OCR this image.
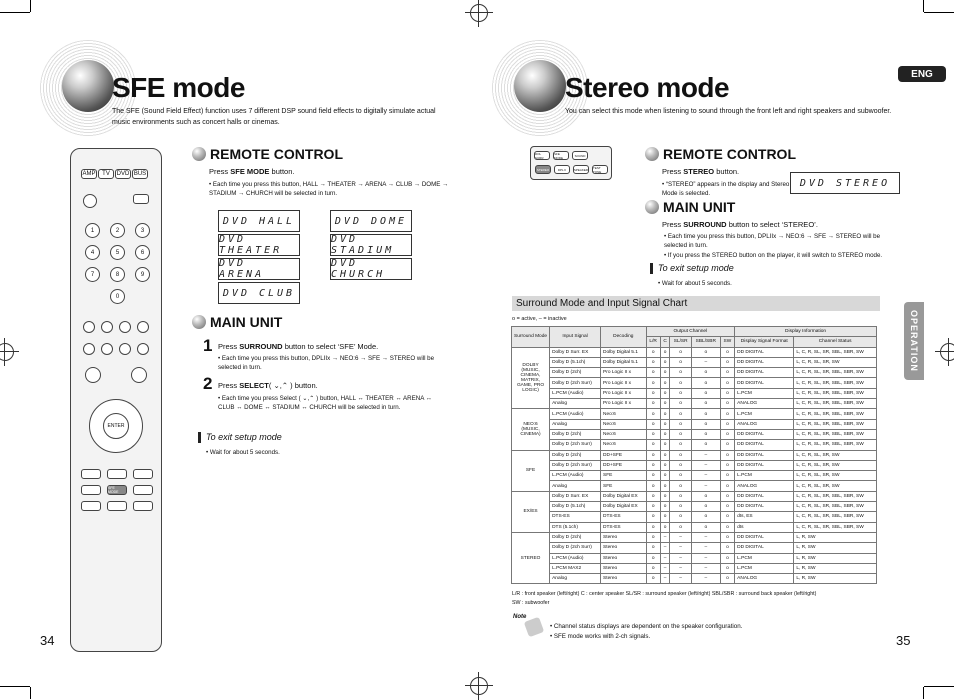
SFE mode
The SFE (Sound Field Effect) function uses 7 different DSP sound field effects to digitally simulate actual music environments such as concert halls or cinemas.
AMP	TV	DVD BUS
1	2	3
4	5	6
7	8	9
0
ENTER
SFE MODE
REMOTE CONTROL
Press SFE MODE button.
• Each time you press this button, HALL → THEATER → ARENA → CLUB → DOME → STADIUM → CHURCH will be selected in turn.
DVD HALL	DVD DOME
DVD THEATER
DVD STADIUM
DVD ARENA
DVD CHURCH
DVD CLUB
MAIN UNIT
1 Press SURROUND button to select ‘SFE’ Mode.
• Each time you press this button, DPLIIx → NEO:6 → SFE → STEREO will be selected in turn.
2 Press SELECT( ⌄,⌃ ) button.
• Each time you press Select ( ⌄,⌃ ) button, HALL ↔ THEATER ↔ ARENA ↔ CLUB ↔ DOME ↔ STADIUM ↔ CHURCH will be selected in turn.
To exit setup mode
• Wait for about 5 seconds.
34
Stereo mode
You can select this mode when listening to sound through the front left and right speakers and subwoofer.
ENG
OPERATION
DOL SURR
SFE MODE	SOUND
STEREO	DPL II	SPEAKER	TEST TONE
REMOTE CONTROL
Press STEREO button.
• “STEREO” appears in the display and Stereo Mode is selected.
DVD STEREO
MAIN UNIT
Press SURROUND button to select ‘STEREO’.
• Each time you press this button, DPLIIx → NEO:6 → SFE → STEREO will be selected in turn.
• If you press the STEREO button on the player, it will switch to STEREO mode.
To exit setup mode
• Wait for about 5 seconds.
Surround Mode and Input Signal Chart
o = active, – = inactive
Surround Mode	Input Signal	Decoding	Output Channel					Display Information	
			L/R	C	SL/SR	SBL/SBR	SW	Display Signal Format	Channel Status
DOLBY (MUSIC, CINEMA, MATRIX, GAME, PRO LOGIC)	Dolby D Surr. EX	Dolby Digital 5.1	o	o	o	o	o	DD DIGITAL	L, C, R, SL, SR, SBL, SBR, SW
	Dolby D (5.1ch)	Dolby Digital 5.1	o	o	o	–	o	DD DIGITAL	L, C, R, SL, SR, SW
	Dolby D (2ch)	Pro Logic II x	o	o	o	o	o	DD DIGITAL	L, C, R, SL, SR, SBL, SBR, SW
	Dolby D (2ch Surr)	Pro Logic II x	o	o	o	o	o	DD DIGITAL	L, C, R, SL, SR, SBL, SBR, SW
	L.PCM (Audio)	Pro Logic II x	o	o	o	o	o	L.PCM	L, C, R, SL, SR, SBL, SBR, SW
	Analog	Pro Logic II x	o	o	o	o	o	ANALOG	L, C, R, SL, SR, SBL, SBR, SW
NEO:6 (MUSIC, CINEMA)	L.PCM (Audio)	Neo:6	o	o	o	o	o	L.PCM	L, C, R, SL, SR, SBL, SBR, SW
	Analog	Neo:6	o	o	o	o	o	ANALOG	L, C, R, SL, SR, SBL, SBR, SW
	Dolby D (2ch)	Neo:6	o	o	o	o	o	DD DIGITAL	L, C, R, SL, SR, SBL, SBR, SW
	Dolby D (2ch Surr)	Neo:6	o	o	o	o	o	DD DIGITAL	L, C, R, SL, SR, SBL, SBR, SW
SFE	Dolby D (2ch)	DD+SFE	o	o	o	–	o	DD DIGITAL	L, C, R, SL, SR, SW
	Dolby D (2ch Surr)	DD+SFE	o	o	o	–	o	DD DIGITAL	L, C, R, SL, SR, SW
	L.PCM (Audio)	SFE	o	o	o	–	o	L.PCM	L, C, R, SL, SR, SW
	Analog	SFE	o	o	o	–	o	ANALOG	L, C, R, SL, SR, SW
EX/ES	Dolby D Surr. EX	Dolby Digital EX	o	o	o	o	o	DD DIGITAL	L, C, R, SL, SR, SBL, SBR, SW
	Dolby D (5.1ch)	Dolby Digital EX	o	o	o	o	o	DD DIGITAL	L, C, R, SL, SR, SBL, SBR, SW
	DTS-ES	DTS-ES	o	o	o	o	o	dts, ES	L, C, R, SL, SR, SBL, SBR, SW
	DTS (5.1ch)	DTS-ES	o	o	o	o	o	dts	L, C, R, SL, SR, SBL, SBR, SW
STEREO	Dolby D (2ch)	Stereo	o	–	–	–	o	DD DIGITAL	L, R, SW
	Dolby D (2ch Surr)	Stereo	o	–	–	–	o	DD DIGITAL	L, R, SW
	L.PCM (Audio)	Stereo	o	–	–	–	o	L.PCM	L, R, SW
	L.PCM MAX2	Stereo	o	–	–	–	o	L.PCM	L, R, SW
	Analog	Stereo	o	–	–	–	o	ANALOG	L, R, SW
L/R : front speaker (left/right) C : center speaker SL/SR : surround speaker (left/right) SBL/SBR : surround back speaker (left/right)
SW : subwoofer
Note
• Channel status displays are dependent on the speaker configuration.
• SFE mode works with 2-ch signals.	35
